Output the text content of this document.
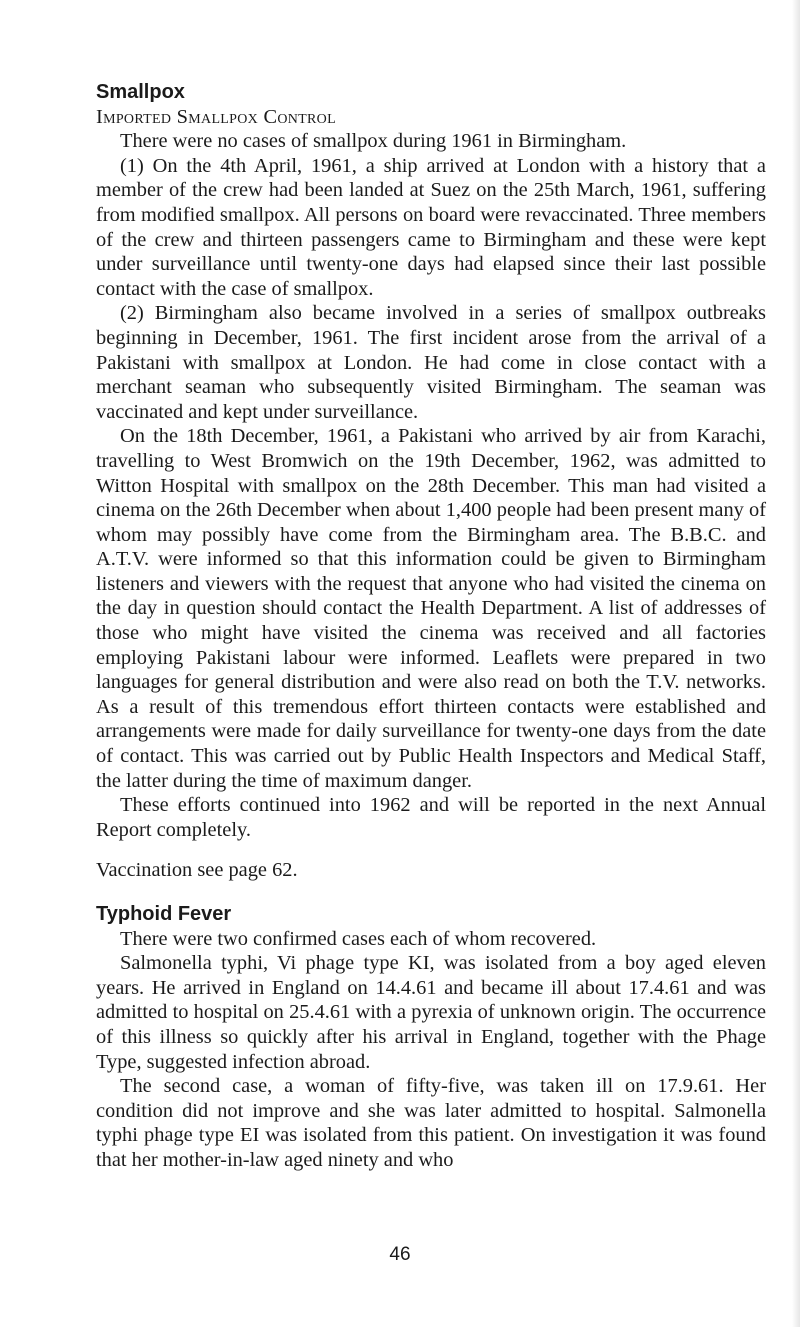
Smallpox
Imported Smallpox Control

There were no cases of smallpox during 1961 in Birmingham.

(1) On the 4th April, 1961, a ship arrived at London with a history that a member of the crew had been landed at Suez on the 25th March, 1961, suffering from modified smallpox. All persons on board were revaccinated. Three members of the crew and thirteen passengers came to Birmingham and these were kept under surveillance until twenty-one days had elapsed since their last possible contact with the case of smallpox.

(2) Birmingham also became involved in a series of smallpox outbreaks beginning in December, 1961. The first incident arose from the arrival of a Pakistani with smallpox at London. He had come in close contact with a merchant seaman who subsequently visited Birmingham. The seaman was vaccinated and kept under surveillance.

On the 18th December, 1961, a Pakistani who arrived by air from Karachi, travelling to West Bromwich on the 19th December, 1962, was admitted to Witton Hospital with smallpox on the 28th December. This man had visited a cinema on the 26th December when about 1,400 people had been present many of whom may possibly have come from the Birmingham area. The B.B.C. and A.T.V. were informed so that this information could be given to Birmingham listeners and viewers with the request that anyone who had visited the cinema on the day in question should contact the Health Department. A list of addresses of those who might have visited the cinema was received and all factories employing Pakistani labour were informed. Leaflets were prepared in two languages for general distribution and were also read on both the T.V. networks. As a result of this tremendous effort thirteen contacts were established and arrangements were made for daily surveillance for twenty-one days from the date of contact. This was carried out by Public Health Inspectors and Medical Staff, the latter during the time of maximum danger.

These efforts continued into 1962 and will be reported in the next Annual Report completely.

Vaccination see page 62.

Typhoid Fever

There were two confirmed cases each of whom recovered.

Salmonella typhi, Vi phage type KI, was isolated from a boy aged eleven years. He arrived in England on 14.4.61 and became ill about 17.4.61 and was admitted to hospital on 25.4.61 with a pyrexia of unknown origin. The occurrence of this illness so quickly after his arrival in England, together with the Phage Type, suggested infection abroad.

The second case, a woman of fifty-five, was taken ill on 17.9.61. Her condition did not improve and she was later admitted to hospital. Salmonella typhi phage type EI was isolated from this patient. On investigation it was found that her mother-in-law aged ninety and who

46
